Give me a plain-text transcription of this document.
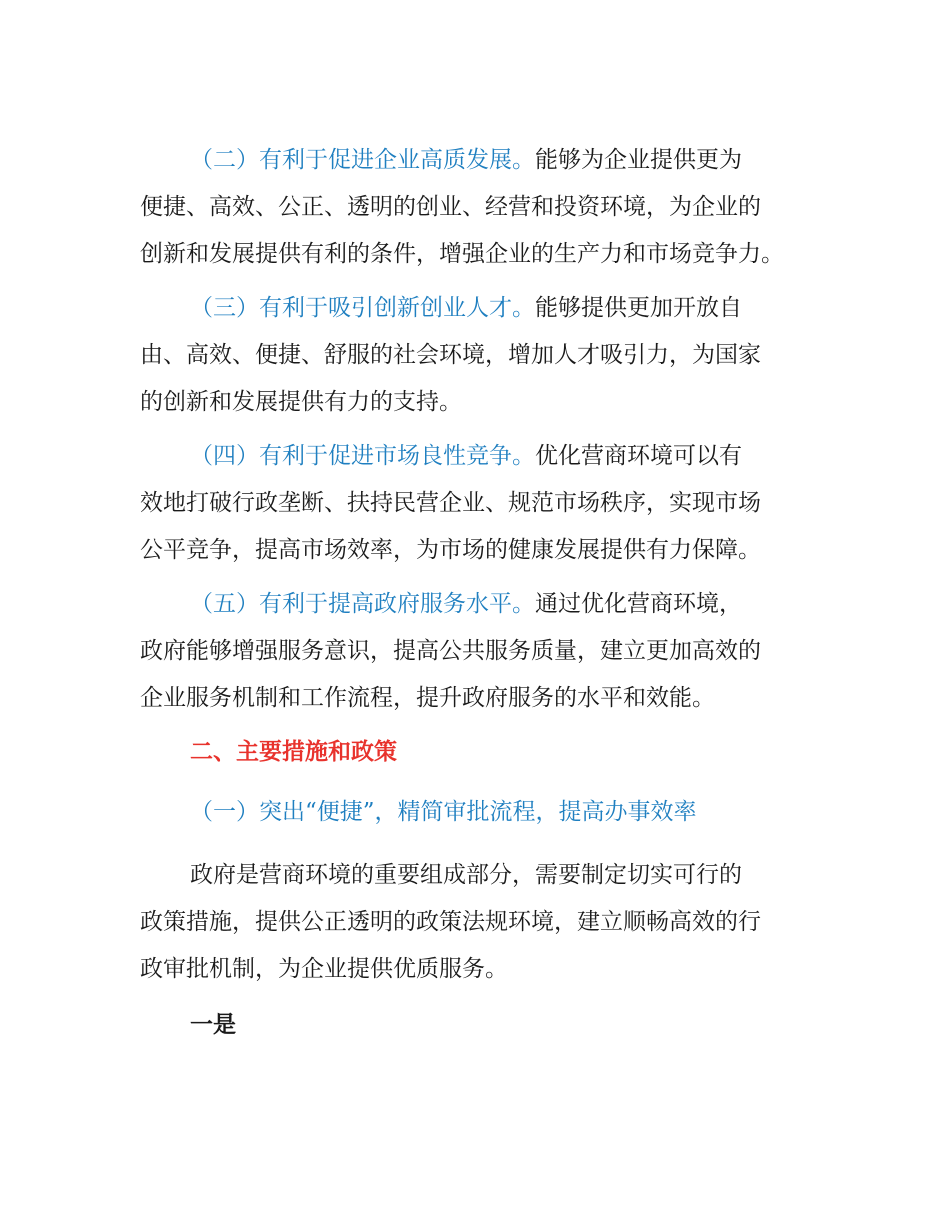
（二）有利于促进企业高质发展。能够为企业提供更为
便捷、高效、公正、透明的创业、经营和投资环境，为企业的
创新和发展提供有利的条件，增强企业的生产力和市场竞争力。
（三）有利于吸引创新创业人才。能够提供更加开放自
由、高效、便捷、舒服的社会环境，增加人才吸引力，为国家
的创新和发展提供有力的支持。
（四）有利于促进市场良性竞争。优化营商环境可以有
效地打破行政垄断、扶持民营企业、规范市场秩序，实现市场
公平竞争，提高市场效率，为市场的健康发展提供有力保障。
（五）有利于提高政府服务水平。通过优化营商环境，
政府能够增强服务意识，提高公共服务质量，建立更加高效的
企业服务机制和工作流程，提升政府服务的水平和效能。
二、主要措施和政策
（一）突出“便捷”，精简审批流程，提高办事效率
政府是营商环境的重要组成部分，需要制定切实可行的
政策措施，提供公正透明的政策法规环境，建立顺畅高效的行
政审批机制，为企业提供优质服务。
一是
